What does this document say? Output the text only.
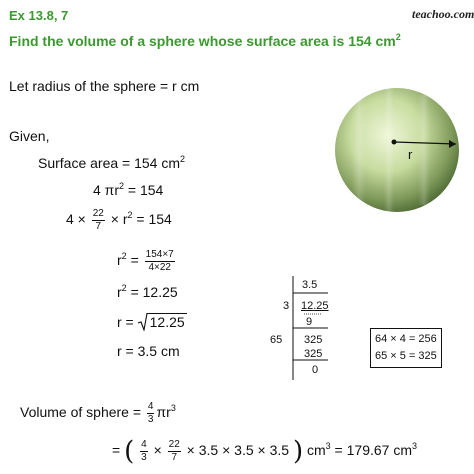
Ex 13.8, 7	teachoo.com
Find the volume of a sphere whose surface area is 154 $cm^2$
r
Let radius of the sphere = r cm
Given,
Surface area = 154 $cm^2$
4 $\pi r^2 = 154$
$4 \times \frac{22}{7} \times r^2 = 154$
$r^2 = \frac{154\times 7}{4\times 22}$
$r^2 = 12.25$
r =
12.25
r = 3.5 cm
3.5
3 12.25
9
65 325
325
0
64 × 4 = 256
65 × 5 = 325
Volume of sphere = $\frac{4}{3} \pi r^3$
= ( $\frac{4}{3} \times \frac{22}{7} \times 3.5 \times 3.5 \times 3.5$ ) $cm^3 = 179.67$ $cm^3$
